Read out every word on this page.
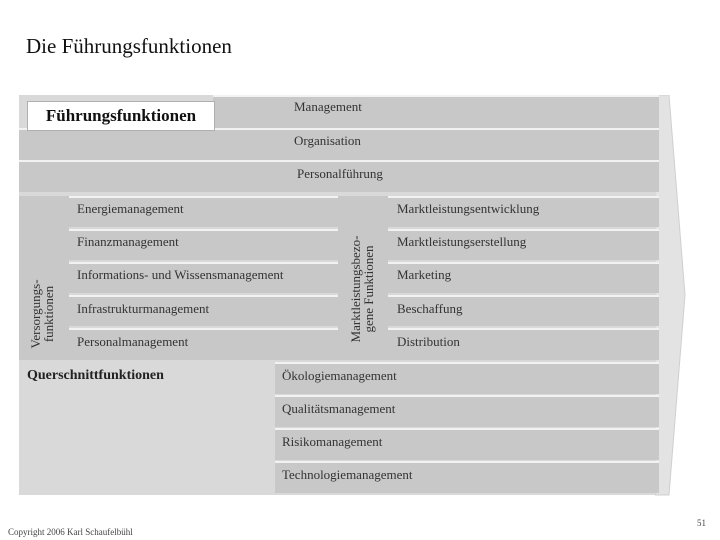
Die Führungsfunktionen
Management
Organisation
Personalführung
Führungsfunktionen
Versorgungs-
funktionen
Energiemanagement
Finanzmanagement
Informations- und Wissensmanagement
Infrastrukturmanagement
Personalmanagement	Marktleistungsbezo-
gene Funktionen
Marktleistungsentwicklung
Marktleistungserstellung
Marketing
Beschaffung
Distribution
Querschnittfunktionen	Ökologiemanagement
Qualitätsmanagement
Risikomanagement
Technologiemanagement
Copyright 2006 Karl Schaufelbühl
51
